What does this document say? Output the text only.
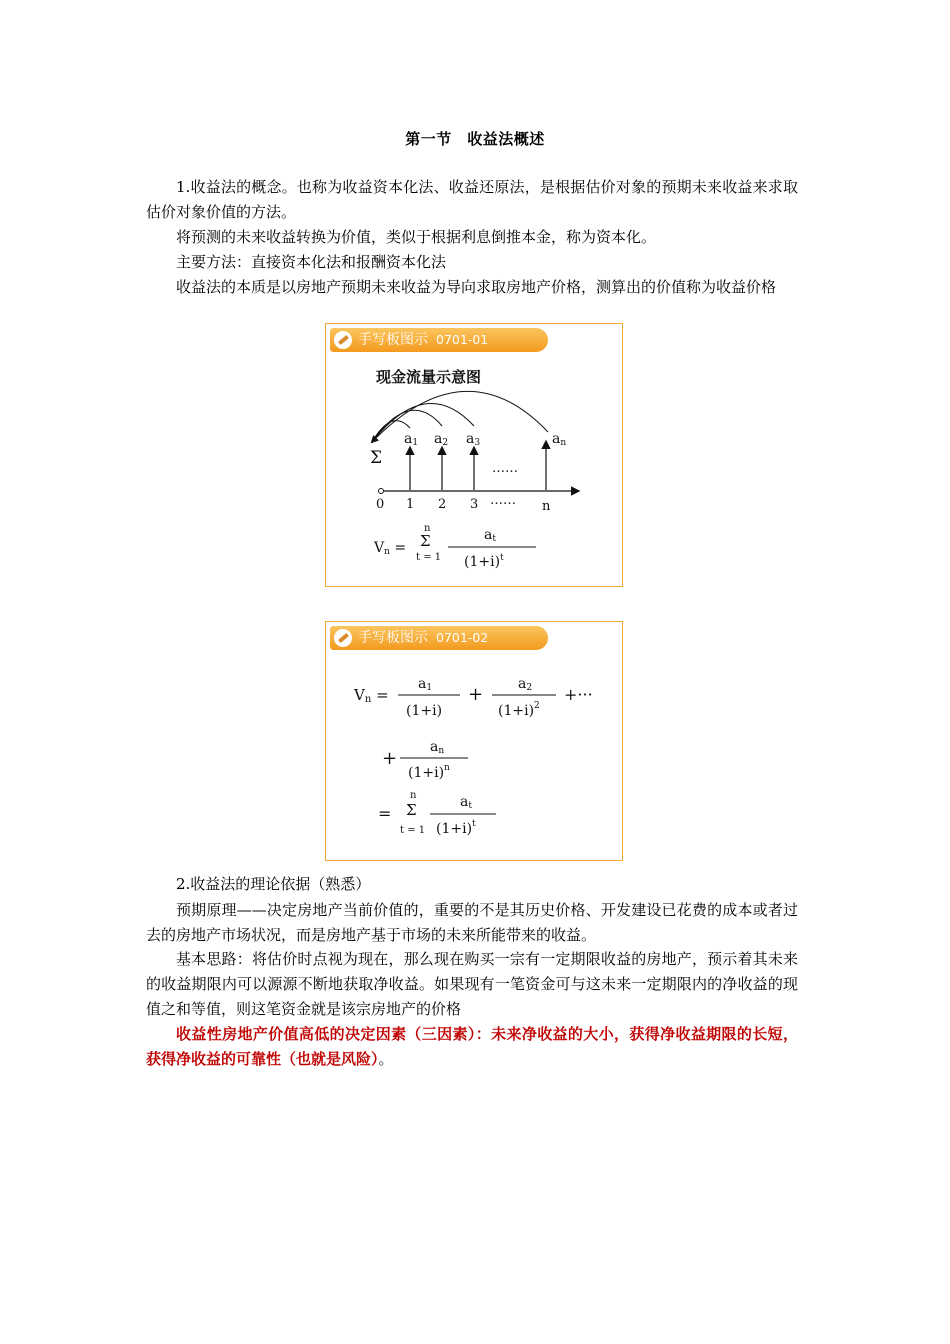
第一节　收益法概述

1.收益法的概念。也称为收益资本化法、收益还原法，是根据估价对象的预期未来收益来求取估价对象价值的方法。

将预测的未来收益转换为价值，类似于根据利息倒推本金，称为资本化。

主要方法：直接资本化法和报酬资本化法

收益法的本质是以房地产预期未来收益为导向求取房地产价格，测算出的价值称为收益价格

手写板图示 0701-01
现金流量示意图
Σ
a1 a2 a3	an
……
0 1 2 3 …… n
Vn =
n
Σ
t = 1
at
$(1+i)^t$
手写板图示 0701-02
Vn =
a1
(1+i)
+ a2
$(1+i)^2$
+···
+
an
$(1+i)^n$
=
n
Σ
t = 1
at
$(1+i)^t$

2.收益法的理论依据（熟悉）

预期原理——决定房地产当前价值的，重要的不是其历史价格、开发建设已花费的成本或者过去的房地产市场状况，而是房地产基于市场的未来所能带来的收益。

基本思路：将估价时点视为现在，那么现在购买一宗有一定期限收益的房地产，预示着其未来的收益期限内可以源源不断地获取净收益。如果现有一笔资金可与这未来一定期限内的净收益的现值之和等值，则这笔资金就是该宗房地产的价格

收益性房地产价值高低的决定因素（三因素）：未来净收益的大小，获得净收益期限的长短，获得净收益的可靠性（也就是风险）。
